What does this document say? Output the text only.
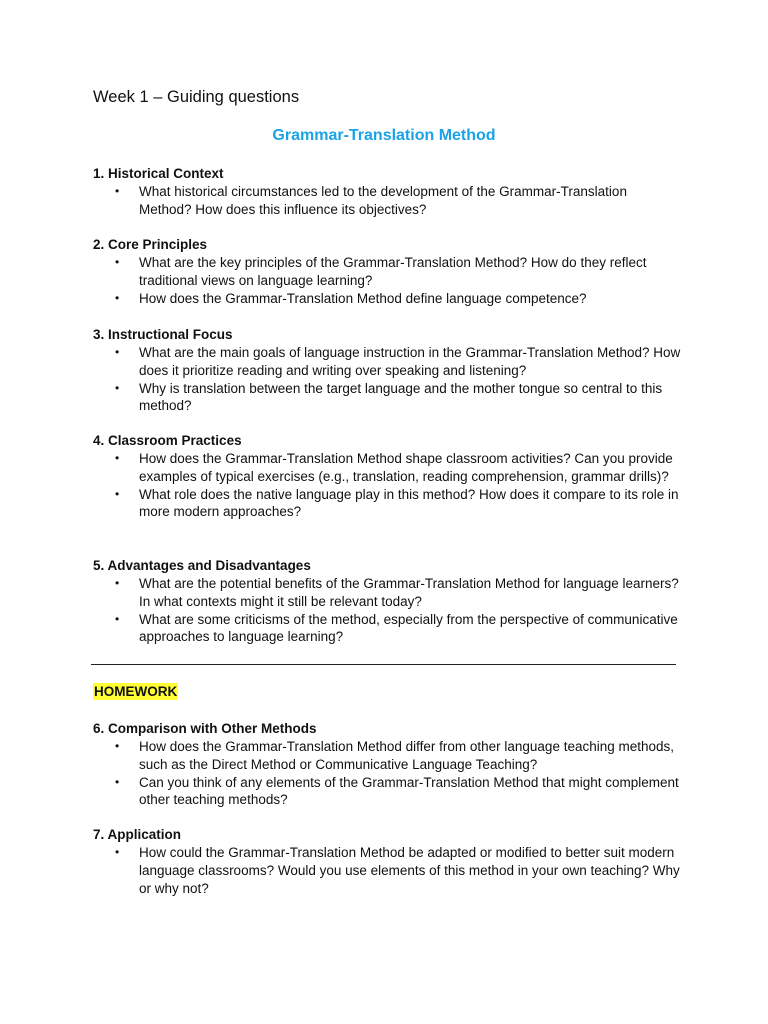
Week 1 – Guiding questions
Grammar-Translation Method

1. Historical Context

• What historical circumstances led to the development of the Grammar-Translation Method? How does this influence its objectives?

2. Core Principles

• What are the key principles of the Grammar-Translation Method? How do they reflect traditional views on language learning?
• How does the Grammar-Translation Method define language competence?

3. Instructional Focus

• What are the main goals of language instruction in the Grammar-Translation Method? How does it prioritize reading and writing over speaking and listening?
• Why is translation between the target language and the mother tongue so central to this method?

4. Classroom Practices

• How does the Grammar-Translation Method shape classroom activities? Can you provide examples of typical exercises (e.g., translation, reading comprehension, grammar drills)?
• What role does the native language play in this method? How does it compare to its role in more modern approaches?

5. Advantages and Disadvantages

• What are the potential benefits of the Grammar-Translation Method for language learners? In what contexts might it still be relevant today?
• What are some criticisms of the method, especially from the perspective of communicative approaches to language learning?
HOMEWORK

6. Comparison with Other Methods

• How does the Grammar-Translation Method differ from other language teaching methods, such as the Direct Method or Communicative Language Teaching?
• Can you think of any elements of the Grammar-Translation Method that might complement other teaching methods?

7. Application

• How could the Grammar-Translation Method be adapted or modified to better suit modern language classrooms? Would you use elements of this method in your own teaching? Why or why not?
